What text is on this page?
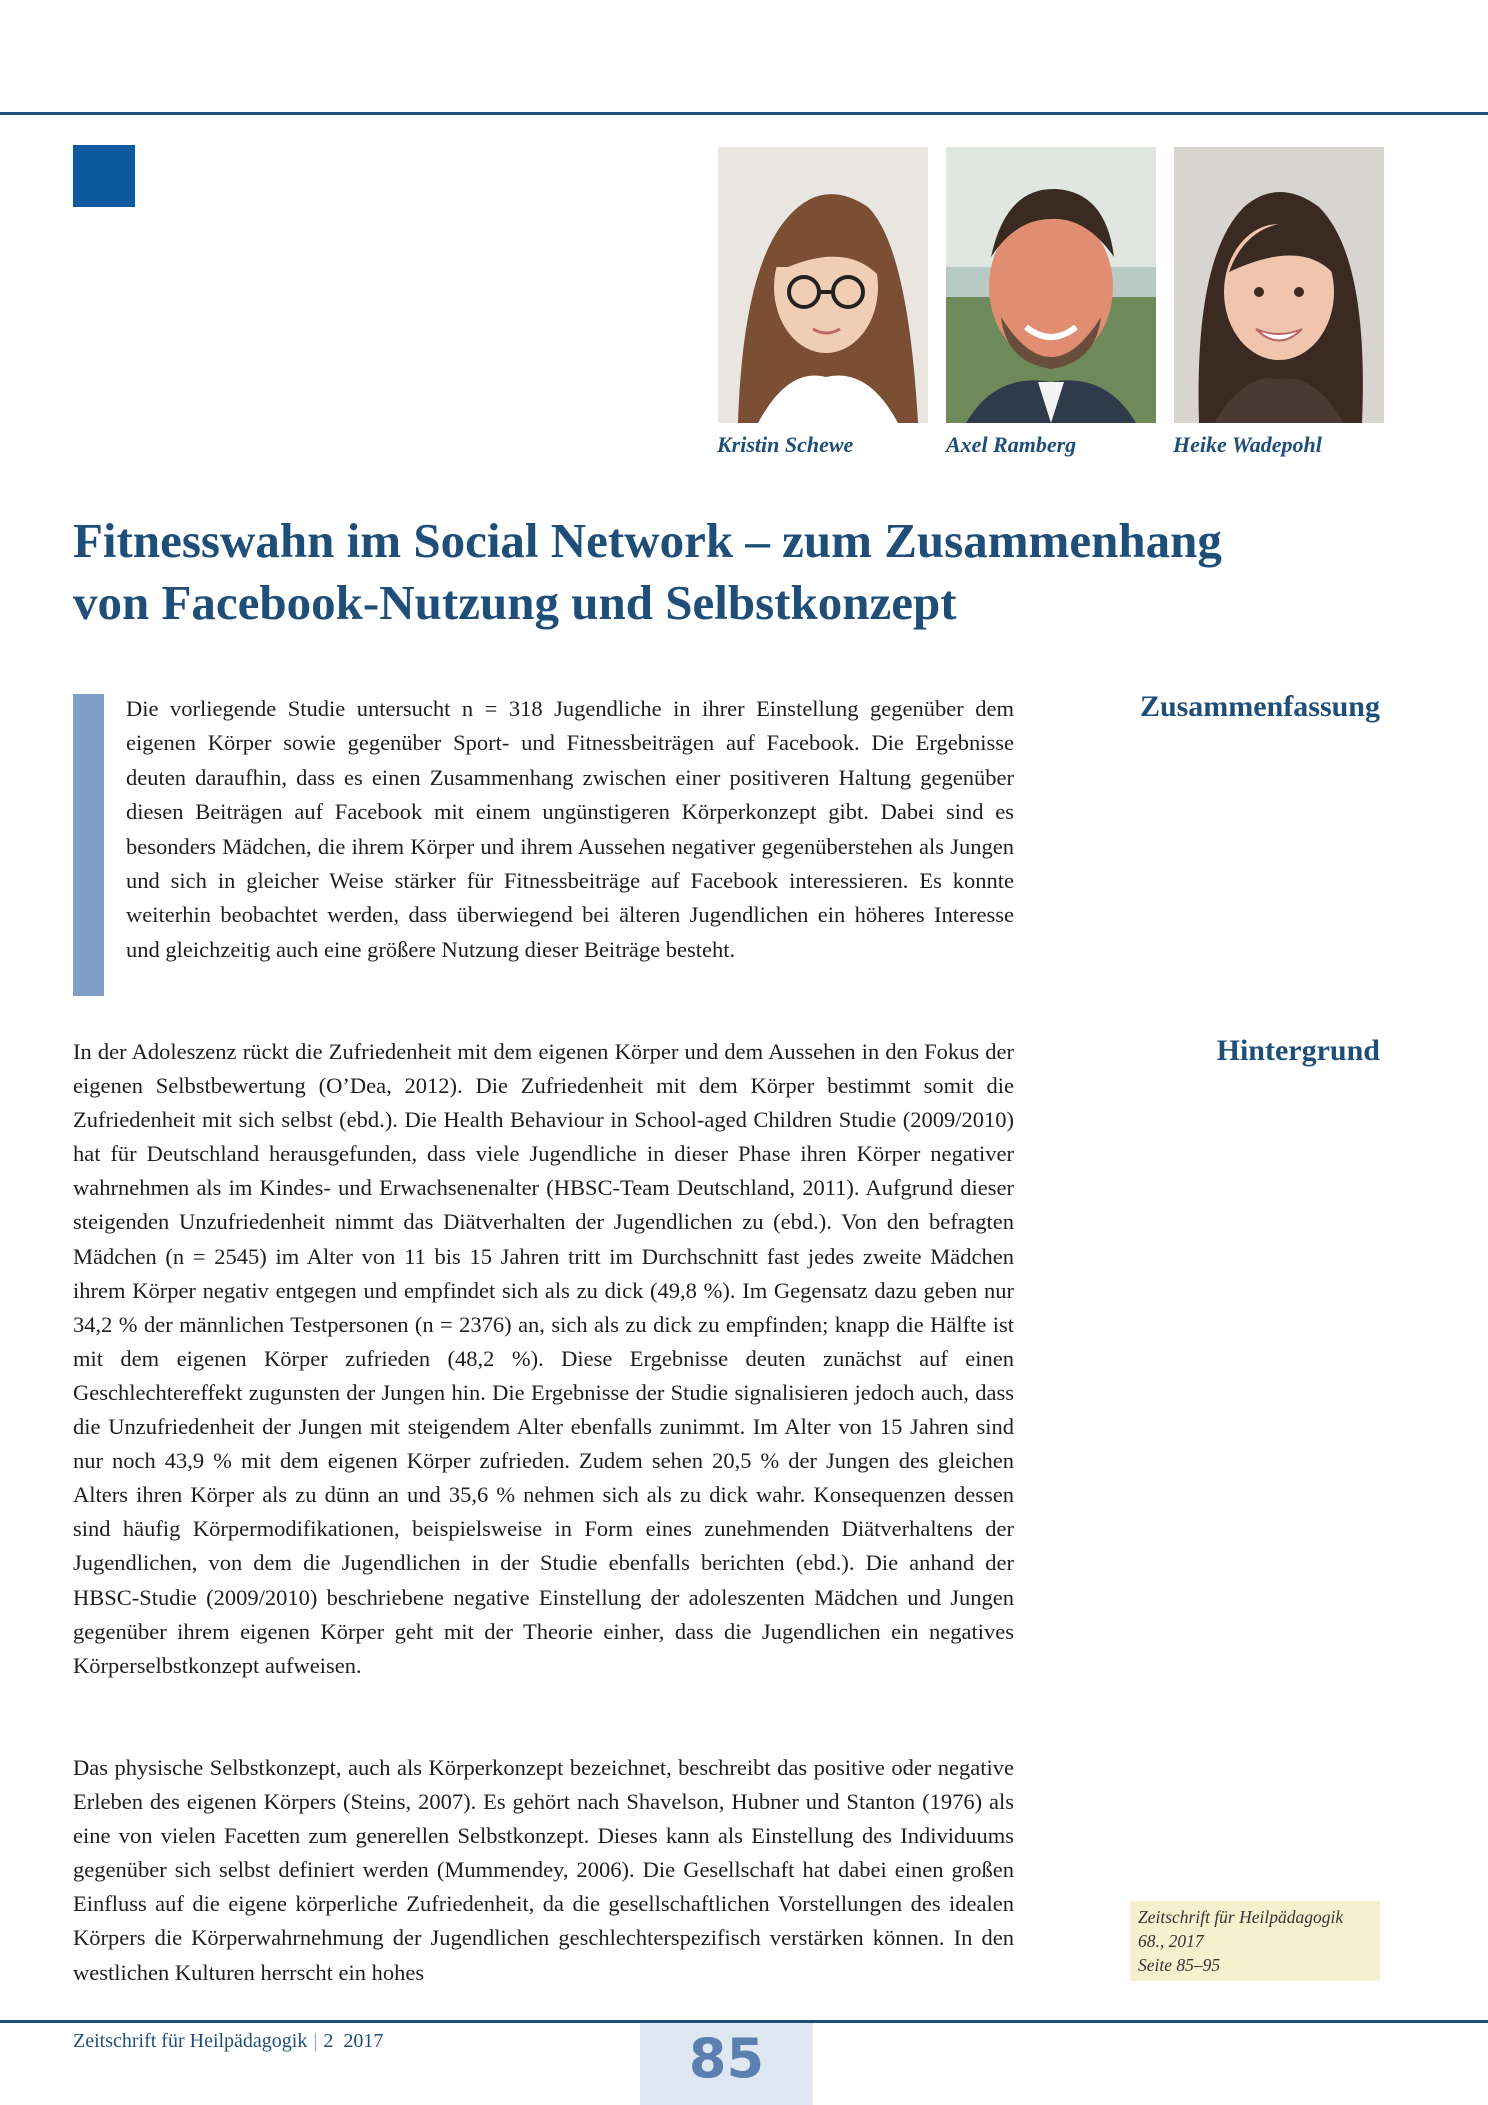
Kristin Schewe	Axel Ramberg	Heike Wadepohl
Fitnesswahn im Social Network – zum Zusammenhang
von Facebook-Nutzung und Selbstkonzept

Die vorliegende Studie untersucht n = 318 Jugendliche in ihrer Einstellung gegenüber dem eigenen Körper sowie gegenüber Sport- und Fitnessbeiträgen auf Facebook. Die Ergebnisse deuten daraufhin, dass es einen Zusammenhang zwischen einer positiveren Haltung gegenüber diesen Beiträgen auf Facebook mit einem ungünstigeren Körperkonzept gibt. Dabei sind es besonders Mädchen, die ihrem Körper und ihrem Aussehen negativer gegenüberstehen als Jungen und sich in gleicher Weise stärker für Fitnessbeiträge auf Facebook interessieren. Es konnte weiterhin beobachtet werden, dass überwiegend bei älteren Jugendlichen ein höheres Interesse und gleichzeitig auch eine größere Nutzung dieser Beiträge besteht.

Zusammenfassung
Hintergrund

In der Adoleszenz rückt die Zufriedenheit mit dem eigenen Körper und dem Aussehen in den Fokus der eigenen Selbstbewertung (O’Dea, 2012). Die Zufriedenheit mit dem Körper bestimmt somit die Zufriedenheit mit sich selbst (ebd.). Die Health Behaviour in School-aged Children Studie (2009/2010) hat für Deutschland herausgefunden, dass viele Jugendliche in dieser Phase ihren Körper negativer wahrnehmen als im Kindes- und Erwachsenenalter (HBSC-Team Deutschland, 2011). Aufgrund dieser steigenden Unzufriedenheit nimmt das Diätverhalten der Jugendlichen zu (ebd.). Von den befragten Mädchen (n = 2545) im Alter von 11 bis 15 Jahren tritt im Durchschnitt fast jedes zweite Mädchen ihrem Körper negativ entgegen und empfindet sich als zu dick (49,8 %). Im Gegensatz dazu geben nur 34,2 % der männlichen Testpersonen (n = 2376) an, sich als zu dick zu empfinden; knapp die Hälfte ist mit dem eigenen Körper zufrieden (48,2 %). Diese Ergebnisse deuten zunächst auf einen Geschlechtereffekt zugunsten der Jungen hin. Die Ergebnisse der Studie signalisieren jedoch auch, dass die Unzufriedenheit der Jungen mit steigendem Alter ebenfalls zunimmt. Im Alter von 15 Jahren sind nur noch 43,9 % mit dem eigenen Körper zufrieden. Zudem sehen 20,5 % der Jungen des gleichen Alters ihren Körper als zu dünn an und 35,6 % nehmen sich als zu dick wahr. Konsequenzen dessen sind häufig Körpermodifikationen, beispielsweise in Form eines zunehmenden Diätverhaltens der Jugendlichen, von dem die Jugendlichen in der Studie ebenfalls berichten (ebd.). Die anhand der HBSC-Studie (2009/2010) beschriebene negative Einstellung der adoleszenten Mädchen und Jungen gegenüber ihrem eigenen Körper geht mit der Theorie einher, dass die Jugendlichen ein negatives Körperselbstkonzept aufweisen.

Das physische Selbstkonzept, auch als Körperkonzept bezeichnet, beschreibt das positive oder negative Erleben des eigenen Körpers (Steins, 2007). Es gehört nach Shavelson, Hubner und Stanton (1976) als eine von vielen Facetten zum generellen Selbstkonzept. Dieses kann als Einstellung des Individuums gegenüber sich selbst definiert werden (Mummendey, 2006). Die Gesellschaft hat dabei einen großen Einfluss auf die eigene körperliche Zufriedenheit, da die gesellschaftlichen Vorstellungen des idealen Körpers die Körperwahrnehmung der Jugendlichen geschlechterspezifisch verstärken können. In den westlichen Kulturen herrscht ein hohes

Zeitschrift für Heilpädagogik
68., 2017
Seite 85–95
Zeitschrift für Heilpädagogik | 2 2017	85
